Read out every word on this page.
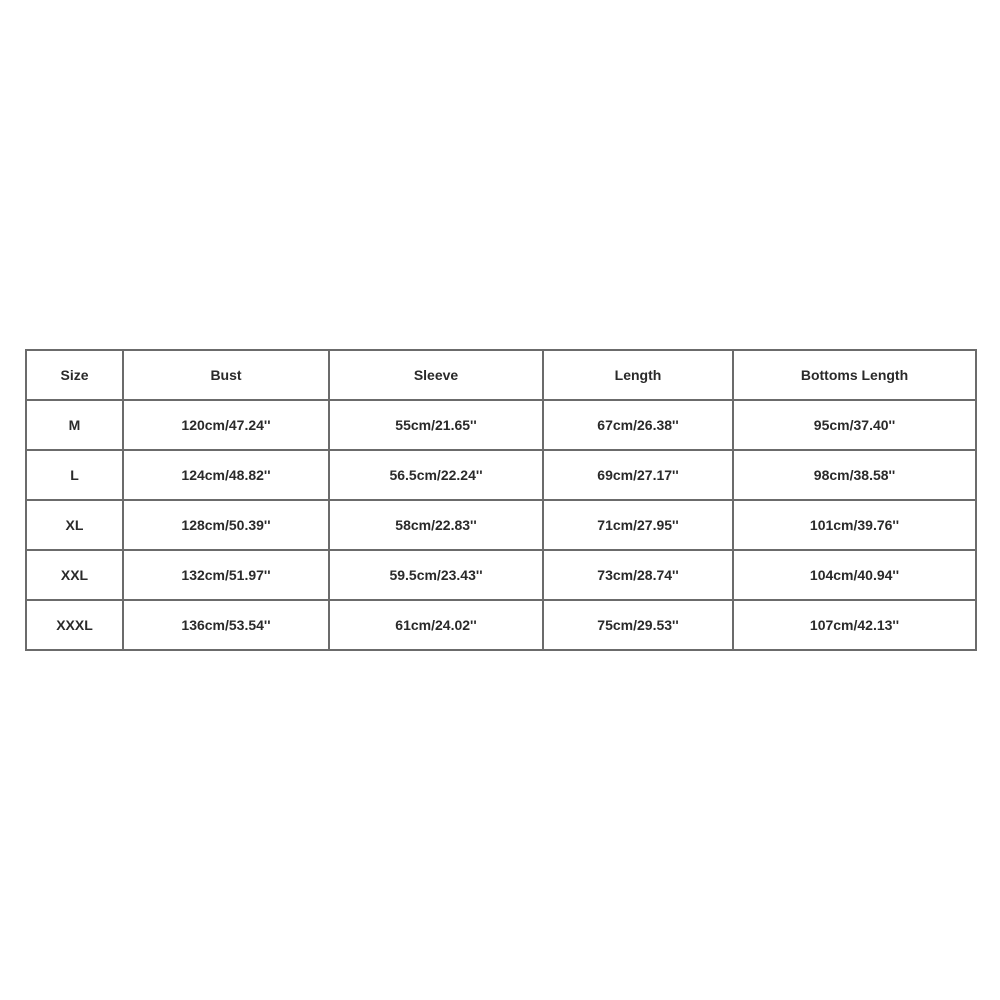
Size	Bust	Sleeve	Length	Bottoms Length
M	120cm/47.24''	55cm/21.65''	67cm/26.38''	95cm/37.40''
L	124cm/48.82''	56.5cm/22.24''	69cm/27.17''	98cm/38.58''
XL	128cm/50.39''	58cm/22.83''	71cm/27.95''	101cm/39.76''
XXL	132cm/51.97''	59.5cm/23.43''	73cm/28.74''	104cm/40.94''
XXXL	136cm/53.54''	61cm/24.02''	75cm/29.53''	107cm/42.13''
